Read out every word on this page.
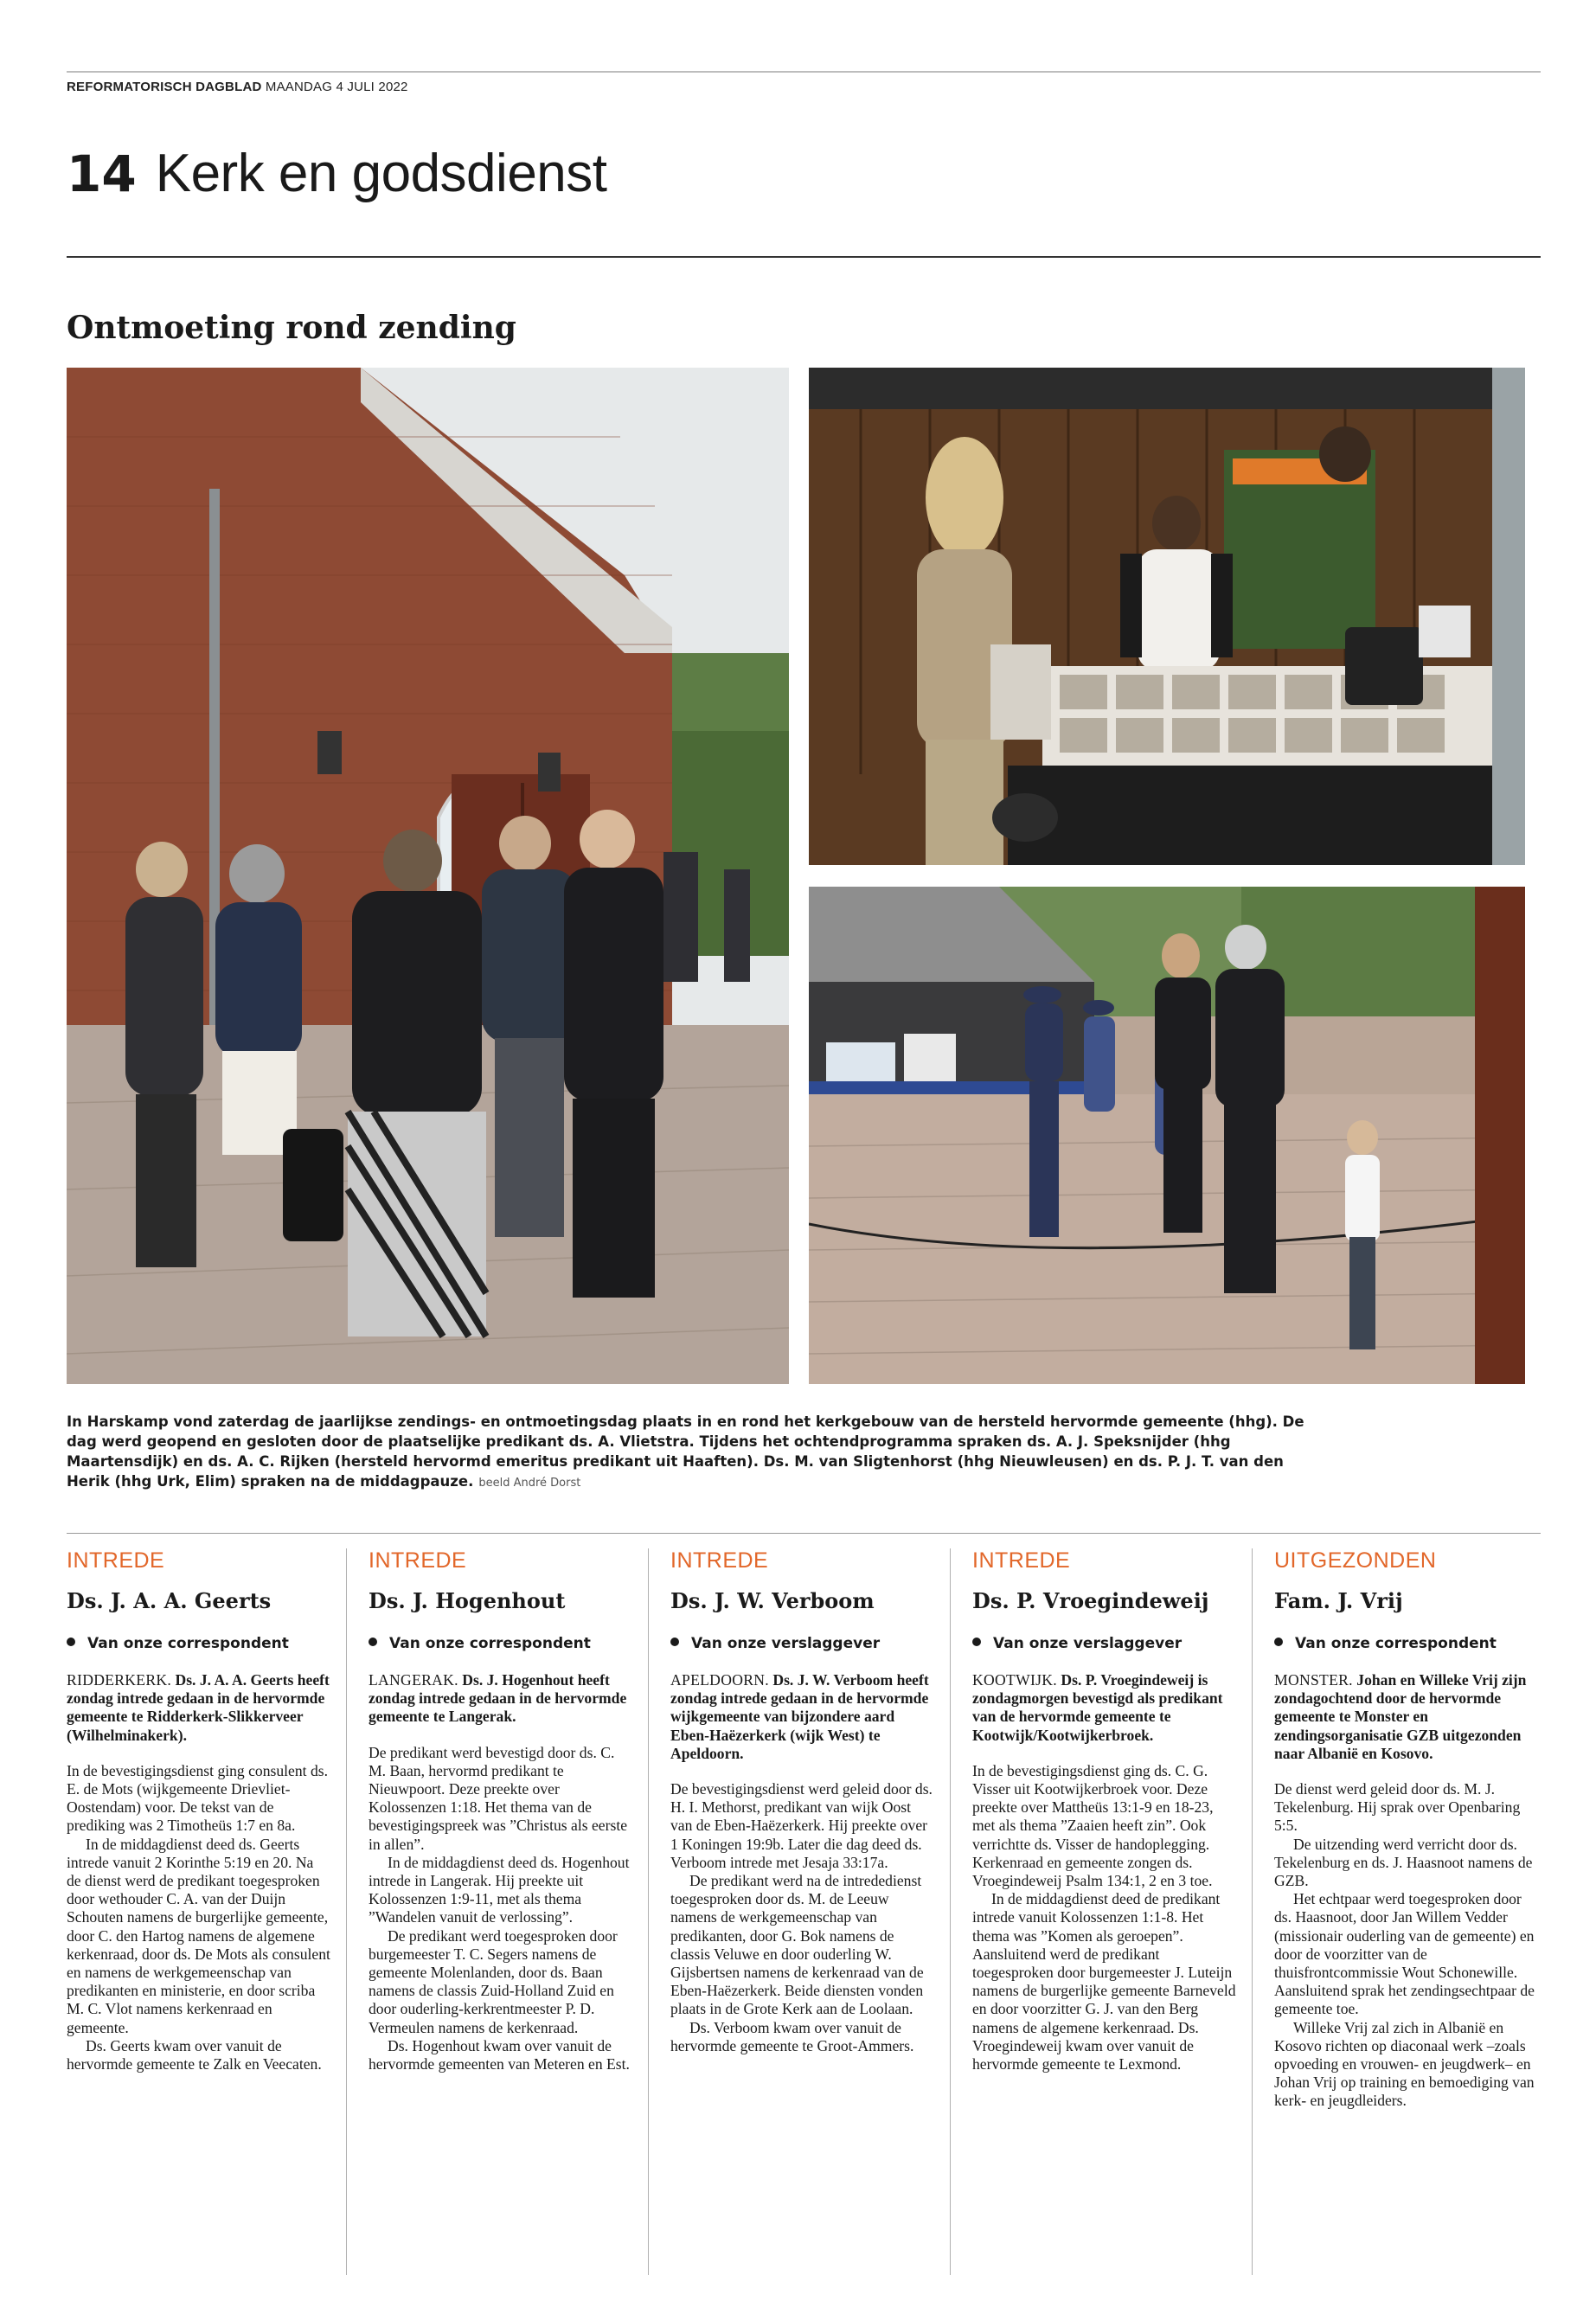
REFORMATORISCH DAGBLAD MAANDAG 4 JULI 2022
14 Kerk en godsdienst
Ontmoeting rond zending
In Harskamp vond zaterdag de jaarlijkse zendings- en ontmoetingsdag plaats in en rond het kerkgebouw van de hersteld hervormde gemeente (hhg). De dag werd geopend en gesloten door de plaatselijke predikant ds. A. Vlietstra. Tijdens het ochtendprogramma spraken ds. A. J. Speksnijder (hhg Maartensdijk) en ds. A. C. Rijken (hersteld hervormd emeritus predikant uit Haaften). Ds. M. van Sligtenhorst (hhg Nieuwleusen) en ds. P. J. T. van den Herik (hhg Urk, Elim) spraken na de middagpauze. beeld André Dorst
INTREDE
Ds. J. A. A. Geerts
Van onze correspondent

RIDDERKERK. Ds. J. A. A. Geerts heeft zondag intrede gedaan in de hervormde gemeente te Ridderkerk-Slikkerveer (Wilhelminakerk).

In de bevestigingsdienst ging consulent ds. E. de Mots (wijkgemeente Drievliet-Oostendam) voor. De tekst van de prediking was 2 Timotheüs 1:7 en 8a.

In de middagdienst deed ds. Geerts intrede vanuit 2 Korinthe 5:19 en 20. Na de dienst werd de predikant toegesproken door wethouder C. A. van der Duijn Schouten namens de burgerlijke gemeente, door C. den Hartog namens de algemene kerkenraad, door ds. De Mots als consulent en namens de werkgemeenschap van predikanten en ministerie, en door scriba M. C. Vlot namens kerkenraad en gemeente.

Ds. Geerts kwam over vanuit de hervormde gemeente te Zalk en Veecaten.

INTREDE
Ds. J. Hogenhout
Van onze correspondent

LANGERAK. Ds. J. Hogenhout heeft zondag intrede gedaan in de hervormde gemeente te Langerak.

De predikant werd bevestigd door ds. C. M. Baan, hervormd predikant te Nieuwpoort. Deze preekte over Kolossenzen 1:18. Het thema van de bevestigingspreek was ”Christus als eerste in allen”.

In de middagdienst deed ds. Hogenhout intrede in Langerak. Hij preekte uit Kolossenzen 1:9-11, met als thema ”Wandelen vanuit de verlossing”.

De predikant werd toegesproken door burgemeester T. C. Segers namens de gemeente Molenlanden, door ds. Baan namens de classis Zuid-Holland Zuid en door ouderling-kerkrentmeester P. D. Vermeulen namens de kerkenraad.

Ds. Hogenhout kwam over vanuit de hervormde gemeenten van Meteren en Est.

INTREDE
Ds. J. W. Verboom
Van onze verslaggever

APELDOORN. Ds. J. W. Verboom heeft zondag intrede gedaan in de hervormde wijkgemeente van bijzondere aard Eben-Haëzerkerk (wijk West) te Apeldoorn.

De bevestigingsdienst werd geleid door ds. H. I. Methorst, predikant van wijk Oost van de Eben-Haëzerkerk. Hij preekte over 1 Koningen 19:9b. Later die dag deed ds. Verboom intrede met Jesaja 33:17a.

De predikant werd na de intrededienst toegesproken door ds. M. de Leeuw namens de werkgemeenschap van predikanten, door G. Bok namens de classis Veluwe en door ouderling W. Gijsbertsen namens de kerkenraad van de Eben-Haëzerkerk. Beide diensten vonden plaats in de Grote Kerk aan de Loolaan.

Ds. Verboom kwam over vanuit de hervormde gemeente te Groot-Ammers.

INTREDE
Ds. P. Vroegindeweij
Van onze verslaggever

KOOTWIJK. Ds. P. Vroegindeweij is zondagmorgen bevestigd als predikant van de hervormde gemeente te Kootwijk/Kootwijkerbroek.

In de bevestigingsdienst ging ds. C. G. Visser uit Kootwijkerbroek voor. Deze preekte over Mattheüs 13:1-9 en 18-23, met als thema ”Zaaien heeft zin”. Ook verrichtte ds. Visser de handoplegging. Kerkenraad en gemeente zongen ds. Vroegindeweij Psalm 134:1, 2 en 3 toe.

In de middagdienst deed de predikant intrede vanuit Kolossenzen 1:1-8. Het thema was ”Komen als geroepen”. Aansluitend werd de predikant toegesproken door burgemeester J. Luteijn namens de burgerlijke gemeente Barneveld en door voorzitter G. J. van den Berg namens de algemene kerkenraad. Ds. Vroegindeweij kwam over vanuit de hervormde gemeente te Lexmond.

UITGEZONDEN
Fam. J. Vrij
Van onze correspondent

MONSTER. Johan en Willeke Vrij zijn zondagochtend door de hervormde gemeente te Monster en zendingsorganisatie GZB uitgezonden naar Albanië en Kosovo.

De dienst werd geleid door ds. M. J. Tekelenburg. Hij sprak over Openbaring 5:5.

De uitzending werd verricht door ds. Tekelenburg en ds. J. Haasnoot namens de GZB.

Het echtpaar werd toegesproken door ds. Haasnoot, door Jan Willem Vedder (missionair ouderling van de gemeente) en door de voorzitter van de thuisfrontcommissie Wout Schonewille. Aansluitend sprak het zendingsechtpaar de gemeente toe.

Willeke Vrij zal zich in Albanië en Kosovo richten op diaconaal werk –zoals opvoeding en vrouwen- en jeugdwerk– en Johan Vrij op training en bemoediging van kerk- en jeugdleiders.
